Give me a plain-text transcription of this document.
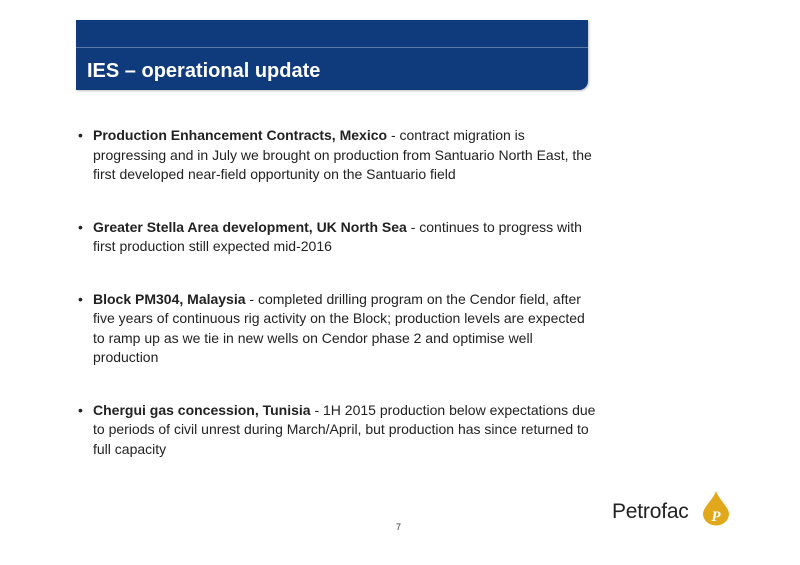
IES – operational update
• Production Enhancement Contracts, Mexico - contract migration is progressing and in July we brought on production from Santuario North East, the first developed near-field opportunity on the Santuario field
• Greater Stella Area development, UK North Sea - continues to progress with first production still expected mid-2016
• Block PM304, Malaysia - completed drilling program on the Cendor field, after five years of continuous rig activity on the Block; production levels are expected to ramp up as we tie in new wells on Cendor phase 2 and optimise well production
• Chergui gas concession, Tunisia - 1H 2015 production below expectations due to periods of civil unrest during March/April, but production has since returned to full capacity
7
Petrofac P
